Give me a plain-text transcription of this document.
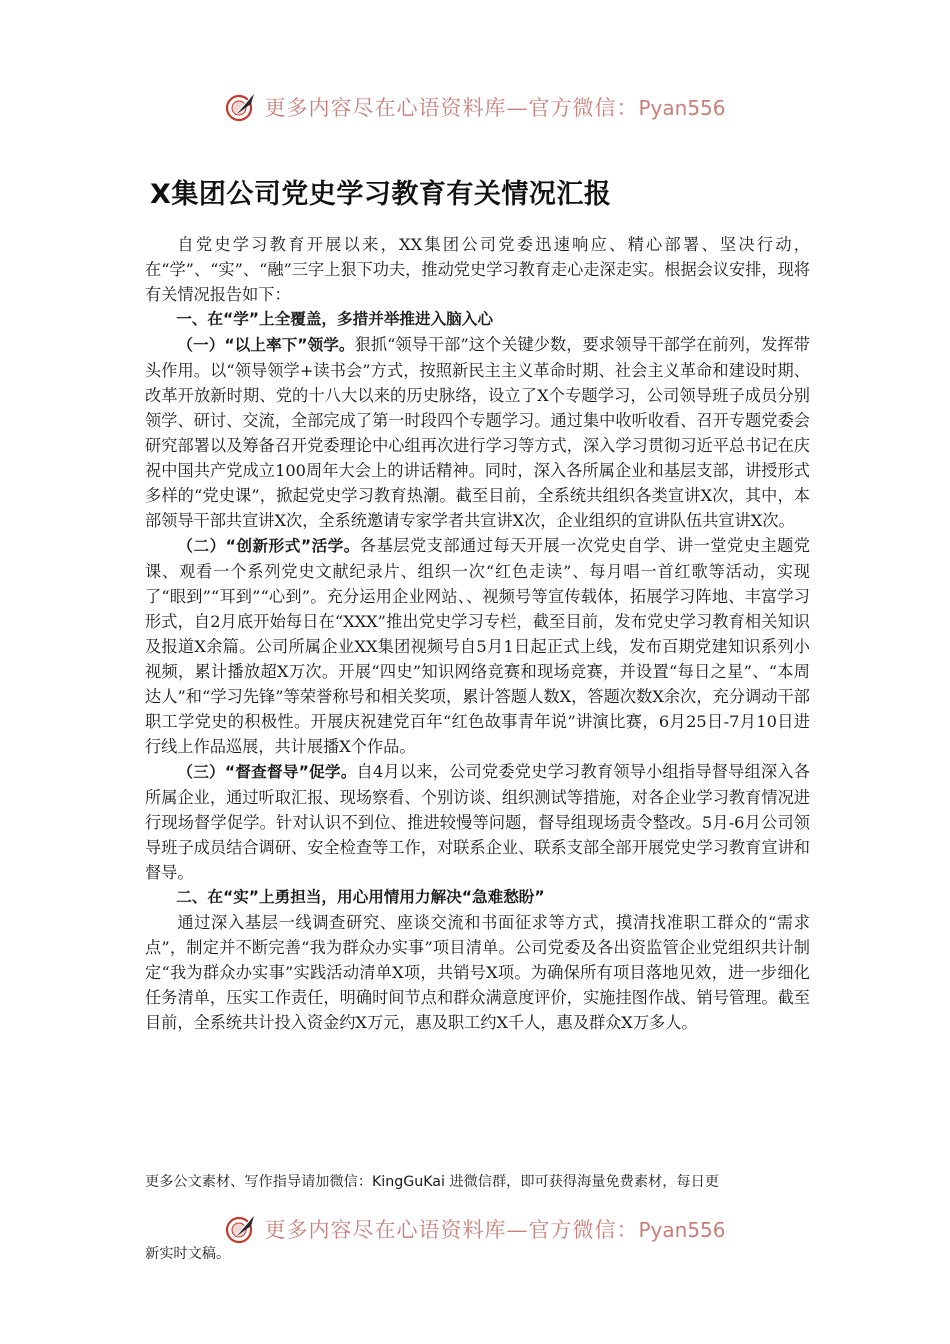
更多内容尽在心语资料库—官方微信：Pyan556
X集团公司党史学习教育有关情况汇报

自党史学习教育开展以来，XX集团公司党委迅速响应、精心部署、坚决行动，在“学”、“实”、“融”三字上狠下功夫，推动党史学习教育走心走深走实。根据会议安排，现将有关情况报告如下：

一、在“学”上全覆盖，多措并举推进入脑入心

（一）“以上率下”领学。狠抓“领导干部”这个关键少数，要求领导干部学在前列，发挥带头作用。以“领导领学+读书会”方式，按照新民主主义革命时期、社会主义革命和建设时期、改革开放新时期、党的十八大以来的历史脉络，设立了X个专题学习，公司领导班子成员分别领学、研讨、交流，全部完成了第一时段四个专题学习。通过集中收听收看、召开专题党委会研究部署以及筹备召开党委理论中心组再次进行学习等方式，深入学习贯彻习近平总书记在庆祝中国共产党成立100周年大会上的讲话精神。同时，深入各所属企业和基层支部，讲授形式多样的“党史课”，掀起党史学习教育热潮。截至目前，全系统共组织各类宣讲X次，其中，本部领导干部共宣讲X次，全系统邀请专家学者共宣讲X次，企业组织的宣讲队伍共宣讲X次。

（二）“创新形式”活学。各基层党支部通过每天开展一次党史自学、讲一堂党史主题党课、观看一个系列党史文献纪录片、组织一次“红色走读”、每月唱一首红歌等活动，实现了“眼到”“耳到”“心到”。充分运用企业网站、、视频号等宣传载体，拓展学习阵地、丰富学习形式，自2月底开始每日在“XXX”推出党史学习专栏，截至目前，发布党史学习教育相关知识及报道X余篇。公司所属企业XX集团视频号自5月1日起正式上线，发布百期党建知识系列小视频，累计播放超X万次。开展“四史”知识网络竞赛和现场竞赛，并设置“每日之星”、“本周达人”和“学习先锋”等荣誉称号和相关奖项，累计答题人数X，答题次数X余次，充分调动干部职工学党史的积极性。开展庆祝建党百年“红色故事青年说”讲演比赛，6月25日-7月10日进行线上作品巡展，共计展播X个作品。

（三）“督查督导”促学。自4月以来，公司党委党史学习教育领导小组指导督导组深入各所属企业，通过听取汇报、现场察看、个别访谈、组织测试等措施，对各企业学习教育情况进行现场督学促学。针对认识不到位、推进较慢等问题，督导组现场责令整改。5月-6月公司领导班子成员结合调研、安全检查等工作，对联系企业、联系支部全部开展党史学习教育宣讲和督导。

二、在“实”上勇担当，用心用情用力解决“急难愁盼”

通过深入基层一线调查研究、座谈交流和书面征求等方式，摸清找准职工群众的“需求点”，制定并不断完善“我为群众办实事”项目清单。公司党委及各出资监管企业党组织共计制定“我为群众办实事”实践活动清单X项，共销号X项。为确保所有项目落地见效，进一步细化任务清单，压实工作责任，明确时间节点和群众满意度评价，实施挂图作战、销号管理。截至目前，全系统共计投入资金约X万元，惠及职工约X千人，惠及群众X万多人。

更多公文素材、写作指导请加微信：KingGuKai 进微信群，即可获得海量免费素材，每日更
更多内容尽在心语资料库—官方微信：Pyan556
新实时文稿。
